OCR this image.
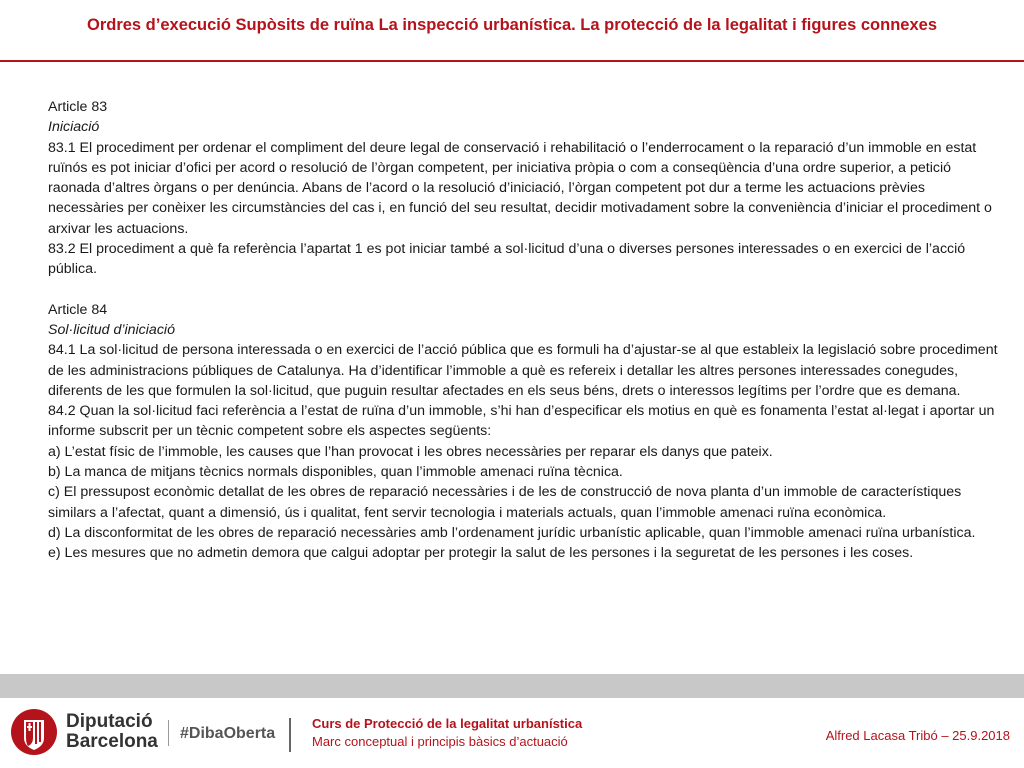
Ordres d’execució Supòsits de ruïna La inspecció urbanística. La protecció de la legalitat i figures connexes

Article 83

Iniciació

83.1 El procediment per ordenar el compliment del deure legal de conservació i rehabilitació o l’enderrocament o la reparació d’un immoble en estat ruïnós es pot iniciar d’ofici per acord o resolució de l’òrgan competent, per iniciativa pròpia o com a conseqüència d’una ordre superior, a petició raonada d’altres òrgans o per denúncia. Abans de l’acord o la resolució d’iniciació, l’òrgan competent pot dur a terme les actuacions prèvies necessàries per conèixer les circumstàncies del cas i, en funció del seu resultat, decidir motivadament sobre la conveniència d’iniciar el procediment o arxivar les actuacions.

83.2 El procediment a què fa referència l’apartat 1 es pot iniciar també a sol·licitud d’una o diverses persones interessades o en exercici de l’acció pública.

Article 84

Sol·licitud d’iniciació

84.1 La sol·licitud de persona interessada o en exercici de l’acció pública que es formuli ha d’ajustar-se al que estableix la legislació sobre procediment de les administracions públiques de Catalunya. Ha d’identificar l’immoble a què es refereix i detallar les altres persones interessades conegudes, diferents de les que formulen la sol·licitud, que puguin resultar afectades en els seus béns, drets o interessos legítims per l’ordre que es demana.

84.2 Quan la sol·licitud faci referència a l’estat de ruïna d’un immoble, s’hi han d’especificar els motius en què es fonamenta l’estat al·legat i aportar un informe subscrit per un tècnic competent sobre els aspectes següents:

a) L’estat físic de l’immoble, les causes que l’han provocat i les obres necessàries per reparar els danys que pateix.

b) La manca de mitjans tècnics normals disponibles, quan l’immoble amenaci ruïna tècnica.

c) El pressupost econòmic detallat de les obres de reparació necessàries i de les de construcció de nova planta d’un immoble de característiques similars a l’afectat, quant a dimensió, ús i qualitat, fent servir tecnologia i materials actuals, quan l’immoble amenaci ruïna econòmica.

d) La disconformitat de les obres de reparació necessàries amb l’ordenament jurídic urbanístic aplicable, quan l’immoble amenaci ruïna urbanística.

e) Les mesures que no admetin demora que calgui adoptar per protegir la salut de les persones i la seguretat de les persones i les coses.

Diputació
Barcelona #DibaOberta
Curs de Protecció de la legalitat urbanística
Marc conceptual i principis bàsics d’actuació	Alfred Lacasa Tribó – 25.9.2018
